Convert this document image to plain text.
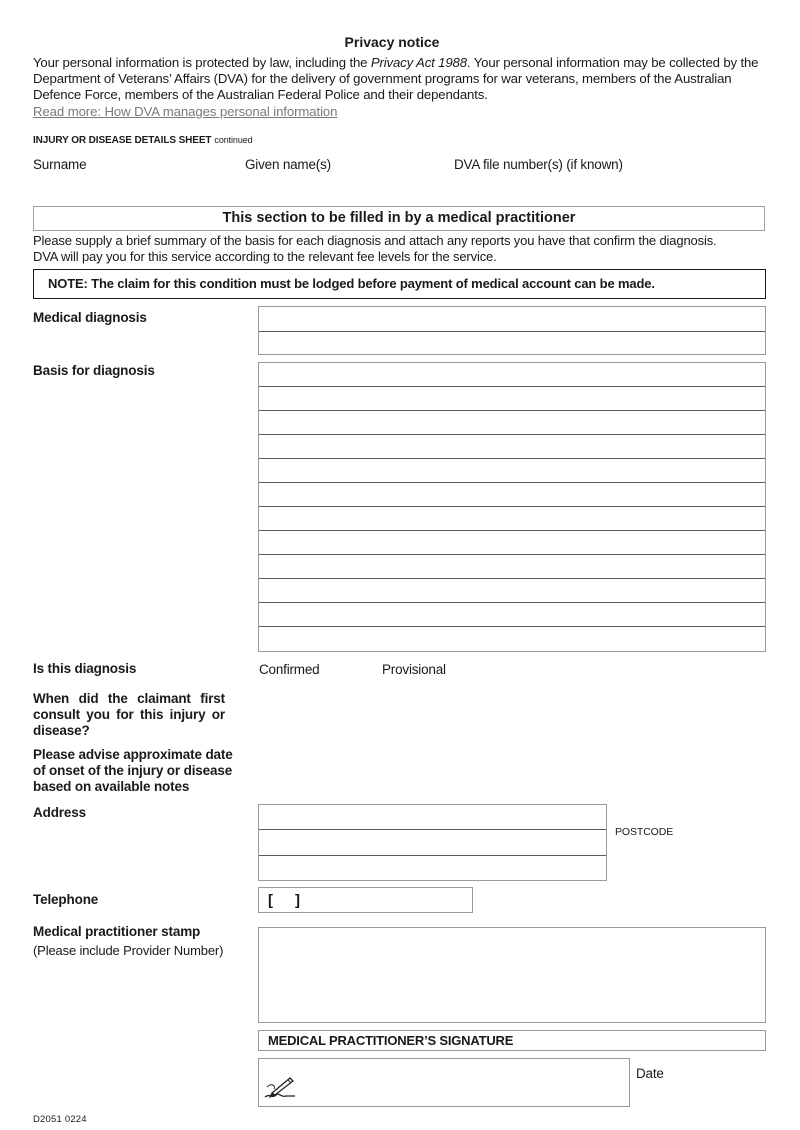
Privacy notice
Your personal information is protected by law, including the Privacy Act 1988. Your personal information may be collected by the Department of Veterans’ Affairs (DVA) for the delivery of government programs for war veterans, members of the Australian Defence Force, members of the Australian Federal Police and their dependants.
Read more: How DVA manages personal information
INJURY OR DISEASE DETAILS SHEET continued
Surname	Given name(s)	DVA file number(s) (if known)
This section to be filled in by a medical practitioner
Please supply a brief summary of the basis for each diagnosis and attach any reports you have that confirm the diagnosis.
DVA will pay you for this service according to the relevant fee levels for the service.
NOTE: The claim for this condition must be lodged before payment of medical account can be made.
Medical diagnosis
Basis for diagnosis
Is this diagnosis	Confirmed	Provisional
When did the claimant first consult you for this injury or disease?
Please advise approximate date of onset of the injury or disease based on available notes
Address
POSTCODE
Telephone	[ ]
Medical practitioner stamp
(Please include Provider Number)
MEDICAL PRACTITIONER’S SIGNATURE
Date
D2051 0224
